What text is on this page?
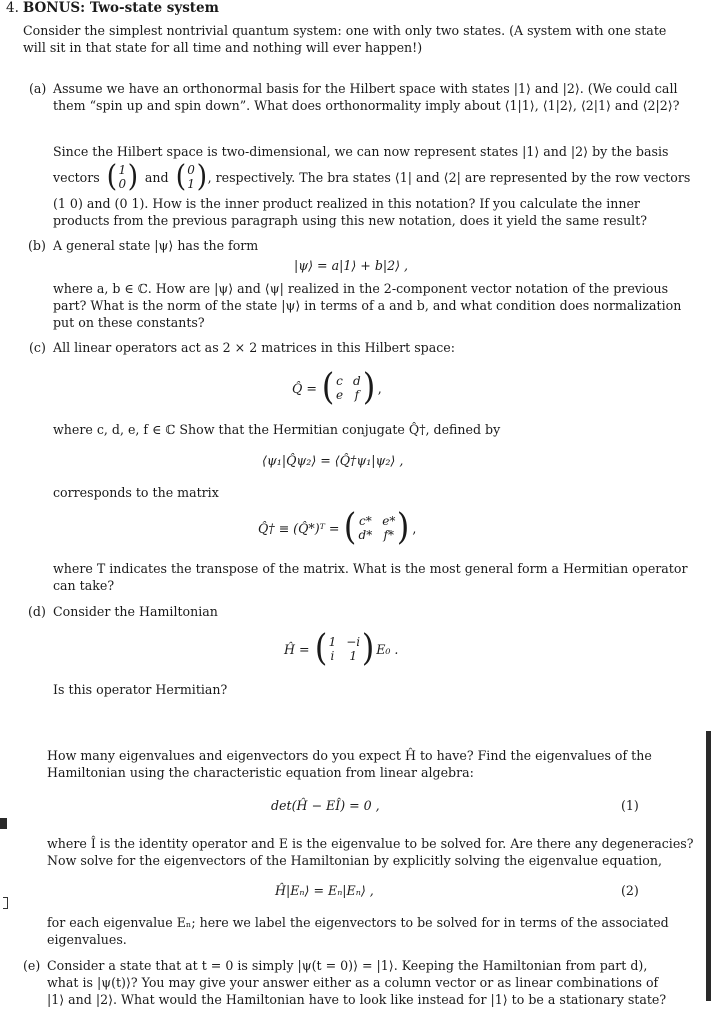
4. BONUS: Two-state system
Consider the simplest nontrivial quantum system: one with only two states. (A system with one state
will sit in that state for all time and nothing will ever happen!)
(a) Assume we have an orthonormal basis for the Hilbert space with states |1⟩ and |2⟩. (We could call
them “spin up and spin down”. What does orthonormality imply about ⟨1|1⟩, ⟨1|2⟩, ⟨2|1⟩ and ⟨2|2⟩?
Since the Hilbert space is two-dimensional, we can now represent states |1⟩ and |2⟩ by the basis
vectors ( 1
0 ) and ( 0
1 ) , respectively. The bra states ⟨1| and ⟨2| are represented by the row vectors
(1 0) and (0 1). How is the inner product realized in this notation? If you calculate the inner
products from the previous paragraph using this new notation, does it yield the same result?
(b) A general state |ψ⟩ has the form
|ψ⟩ = a|1⟩ + b|2⟩ ,
where a, b ∈ ℂ. How are |ψ⟩ and ⟨ψ| realized in the 2-component vector notation of the previous
part? What is the norm of the state |ψ⟩ in terms of a and b, and what condition does normalization
put on these constants?
(c) All linear operators act as 2 × 2 matrices in this Hilbert space:
Q̂ = ( c d
e f ) ,
where c, d, e, f ∈ ℂ Show that the Hermitian conjugate Q̂†, defined by
⟨ψ₁|Q̂ψ₂⟩ = ⟨Q̂†ψ₁|ψ₂⟩ ,
corresponds to the matrix
Q̂† ≡ (Q̂*)ᵀ = ( c* e*
d* f* ) ,
where T indicates the transpose of the matrix. What is the most general form a Hermitian operator
can take?
(d) Consider the Hamiltonian
Ĥ = ( 1 −i
i 1 ) E₀ .
Is this operator Hermitian?
How many eigenvalues and eigenvectors do you expect Ĥ to have? Find the eigenvalues of the
Hamiltonian using the characteristic equation from linear algebra:
det(Ĥ − EÎ) = 0 ,	(1)
where Î is the identity operator and E is the eigenvalue to be solved for. Are there any degeneracies?
Now solve for the eigenvectors of the Hamiltonian by explicitly solving the eigenvalue equation,
Ĥ|Eₙ⟩ = Eₙ|Eₙ⟩ ,	(2)
for each eigenvalue Eₙ; here we label the eigenvectors to be solved for in terms of the associated
eigenvalues.
(e) Consider a state that at t = 0 is simply |ψ(t = 0)⟩ = |1⟩. Keeping the Hamiltonian from part d),
what is |ψ(t)⟩? You may give your answer either as a column vector or as linear combinations of
|1⟩ and |2⟩. What would the Hamiltonian have to look like instead for |1⟩ to be a stationary state?
